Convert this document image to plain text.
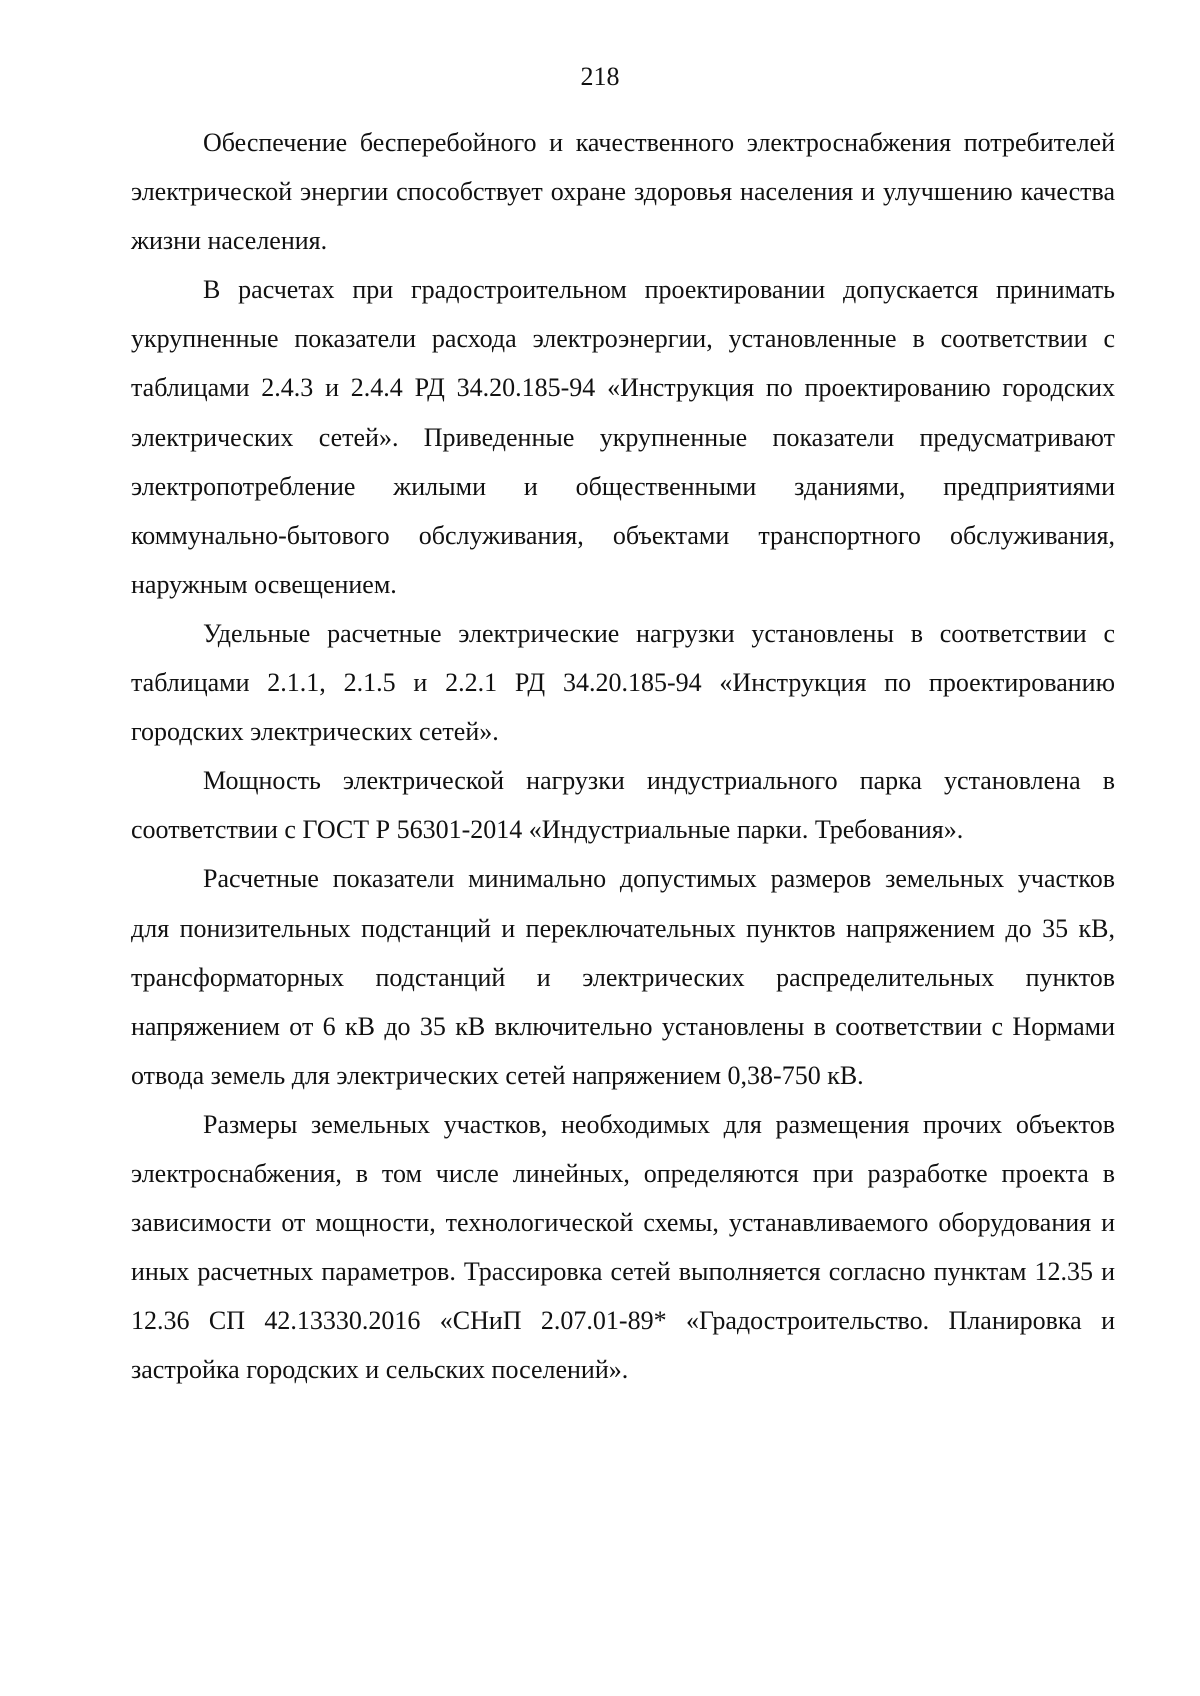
218

Обеспечение бесперебойного и качественного электроснабжения потребителей электрической энергии способствует охране здоровья населения и улучшению качества жизни населения.

В расчетах при градостроительном проектировании допускается принимать укрупненные показатели расхода электроэнергии, установленные в соответствии с таблицами 2.4.3 и 2.4.4 РД 34.20.185-94 «Инструкция по проектированию городских электрических сетей». Приведенные укрупненные показатели предусматривают электропотребление жилыми и общественными зданиями, предприятиями коммунально-бытового обслуживания, объектами транспортного обслуживания, наружным освещением.

Удельные расчетные электрические нагрузки установлены в соответствии с таблицами 2.1.1, 2.1.5 и 2.2.1 РД 34.20.185-94 «Инструкция по проектированию городских электрических сетей».

Мощность электрической нагрузки индустриального парка установлена в соответствии с ГОСТ Р 56301-2014 «Индустриальные парки. Требования».

Расчетные показатели минимально допустимых размеров земельных участков для понизительных подстанций и переключательных пунктов напряжением до 35 кВ, трансформаторных подстанций и электрических распределительных пунктов напряжением от 6 кВ до 35 кВ включительно установлены в соответствии с Нормами отвода земель для электрических сетей напряжением 0,38-750 кВ.

Размеры земельных участков, необходимых для размещения прочих объектов электроснабжения, в том числе линейных, определяются при разработке проекта в зависимости от мощности, технологической схемы, устанавливаемого оборудования и иных расчетных параметров. Трассировка сетей выполняется согласно пунктам 12.35 и 12.36 СП 42.13330.2016 «СНиП 2.07.01-89* «Градостроительство. Планировка и застройка городских и сельских поселений».
